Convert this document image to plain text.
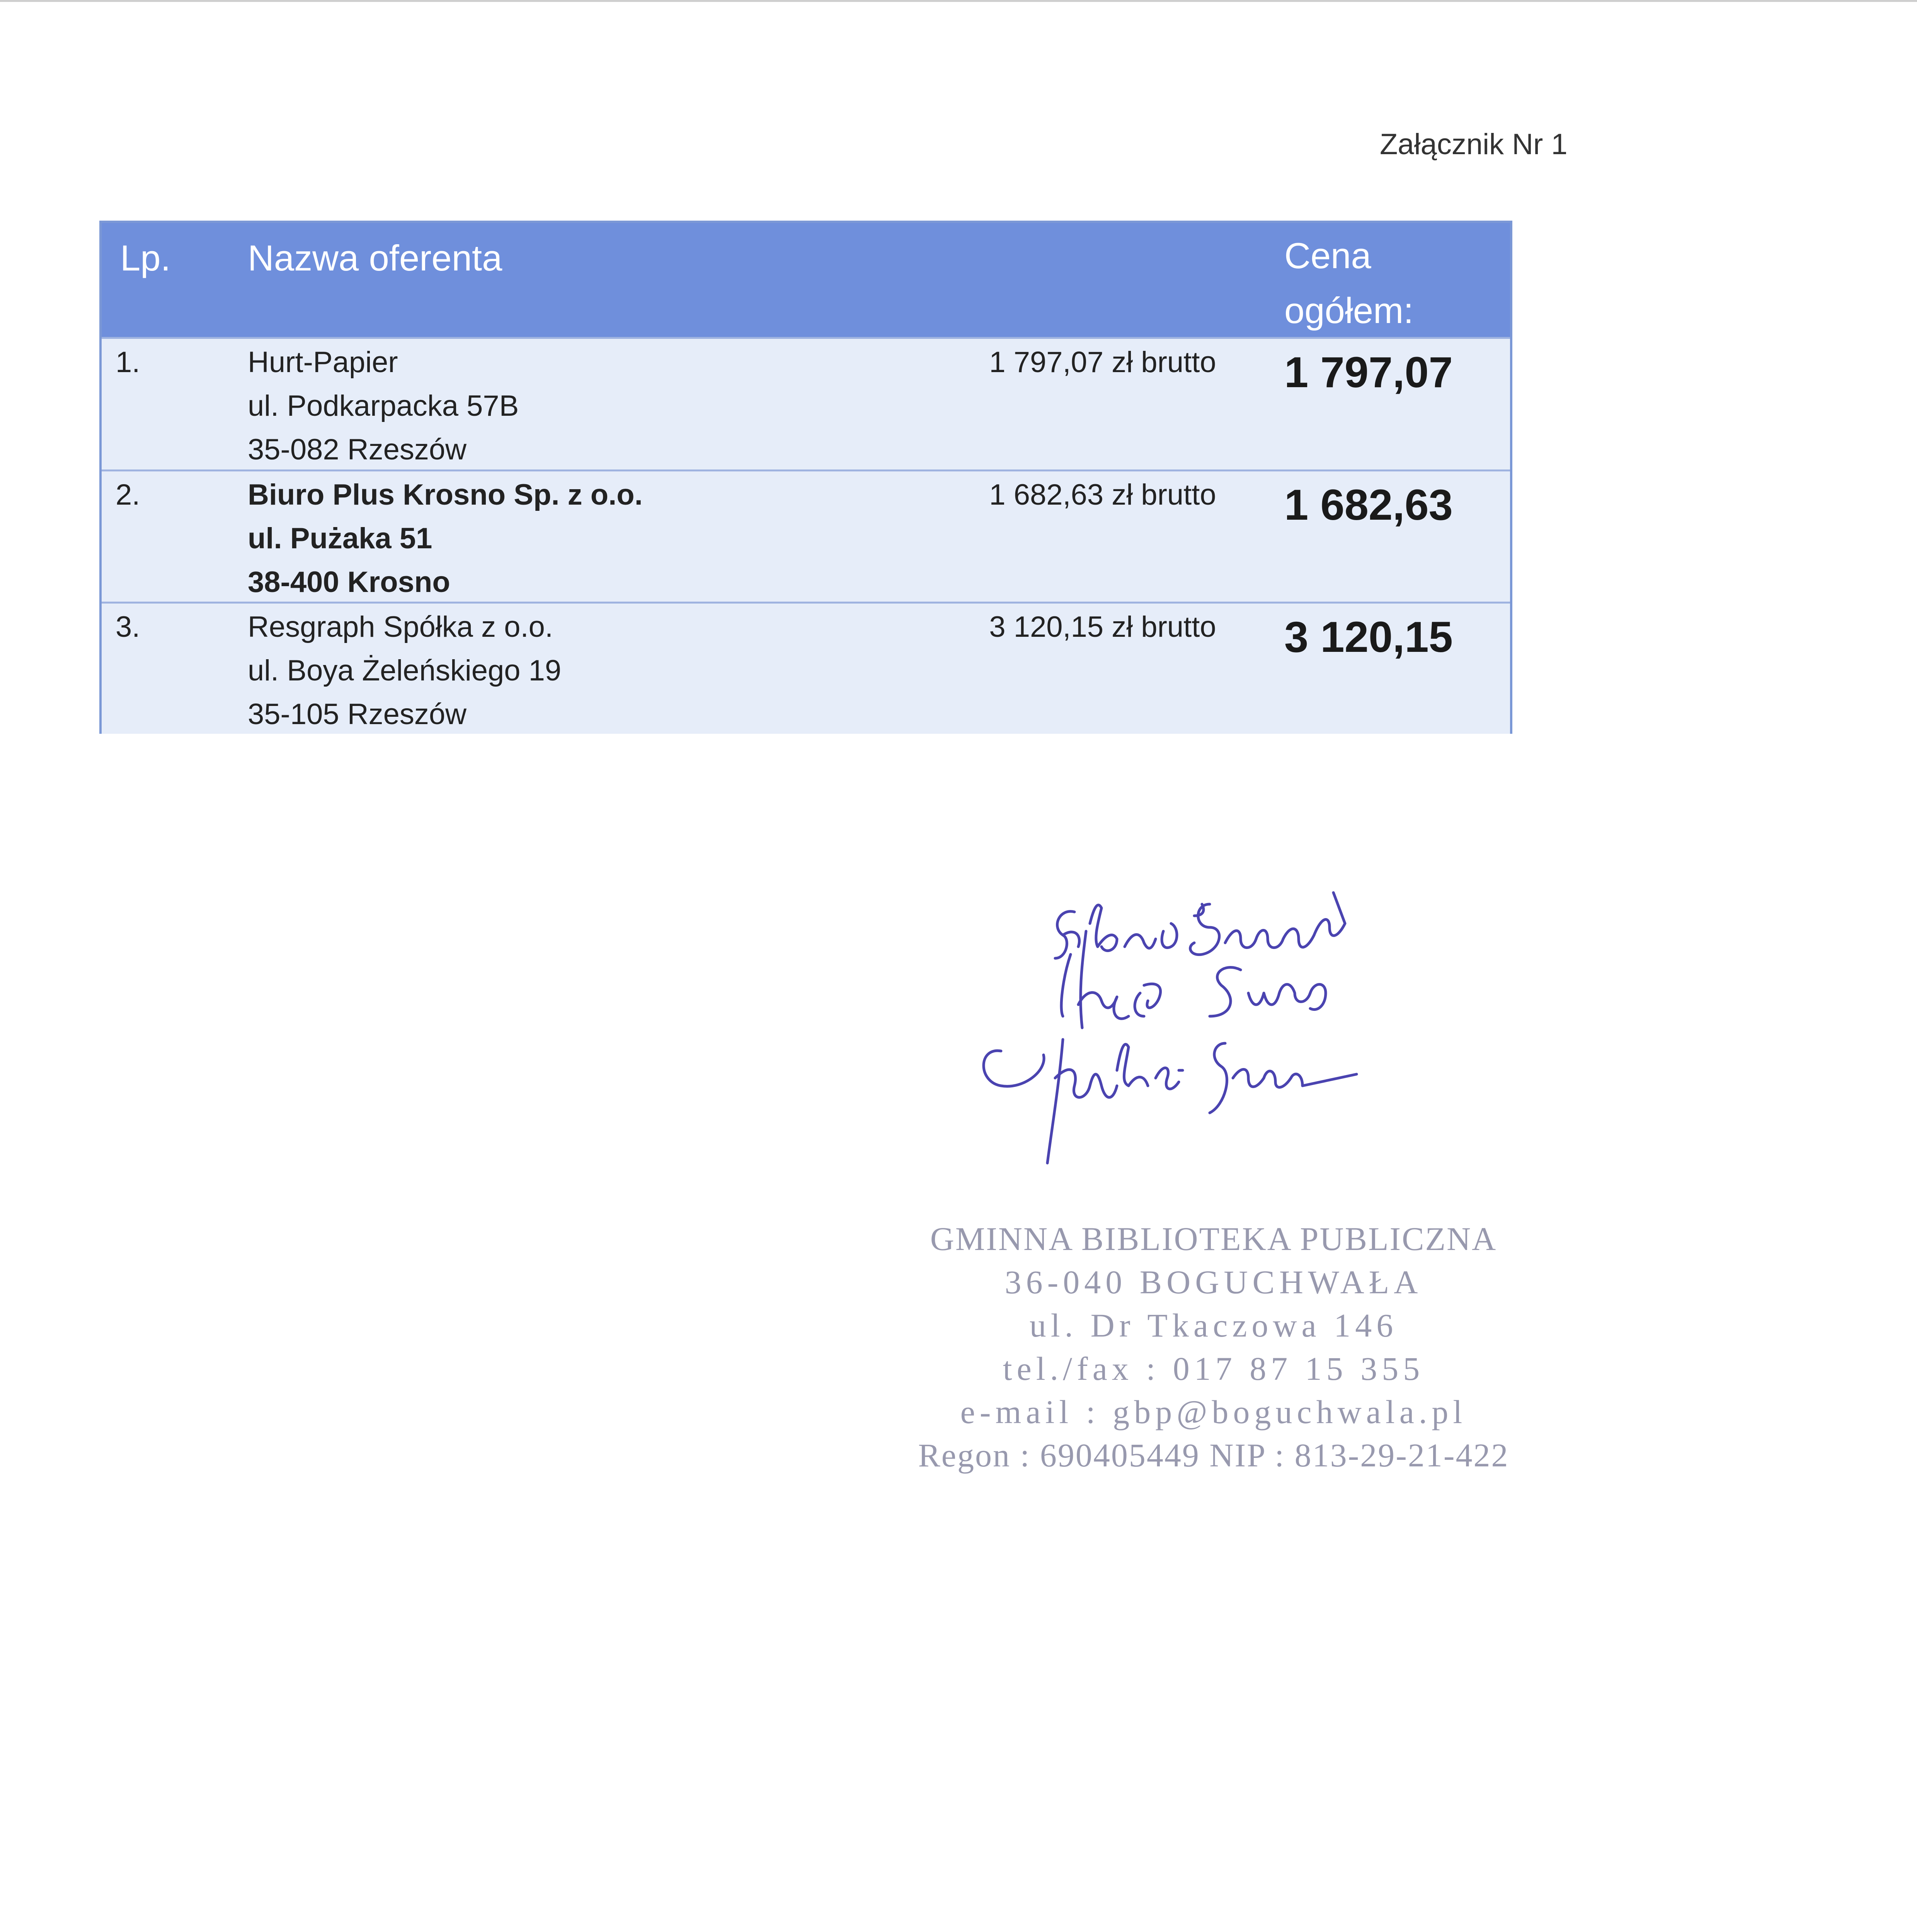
Załącznik Nr 1
Lp. Nazwa oferenta	Cena
ogółem:
1.	Hurt-Papier
ul. Podkarpacka 57B
35-082 Rzeszów
1 797,07 zł brutto	1 797,07
2.	Biuro Plus Krosno Sp. z o.o.
ul. Pużaka 51
38-400 Krosno
1 682,63 zł brutto	1 682,63
3.	Resgraph Spółka z o.o.
ul. Boya Żeleńskiego 19
35-105 Rzeszów
3 120,15 zł brutto	3 120,15
GMINNA BIBLIOTEKA PUBLICZNA
36-040 BOGUCHWAŁA
ul. Dr Tkaczowa 146
tel./fax : 017 87 15 355
e-mail : gbp@boguchwala.pl
Regon : 690405449 NIP : 813-29-21-422
